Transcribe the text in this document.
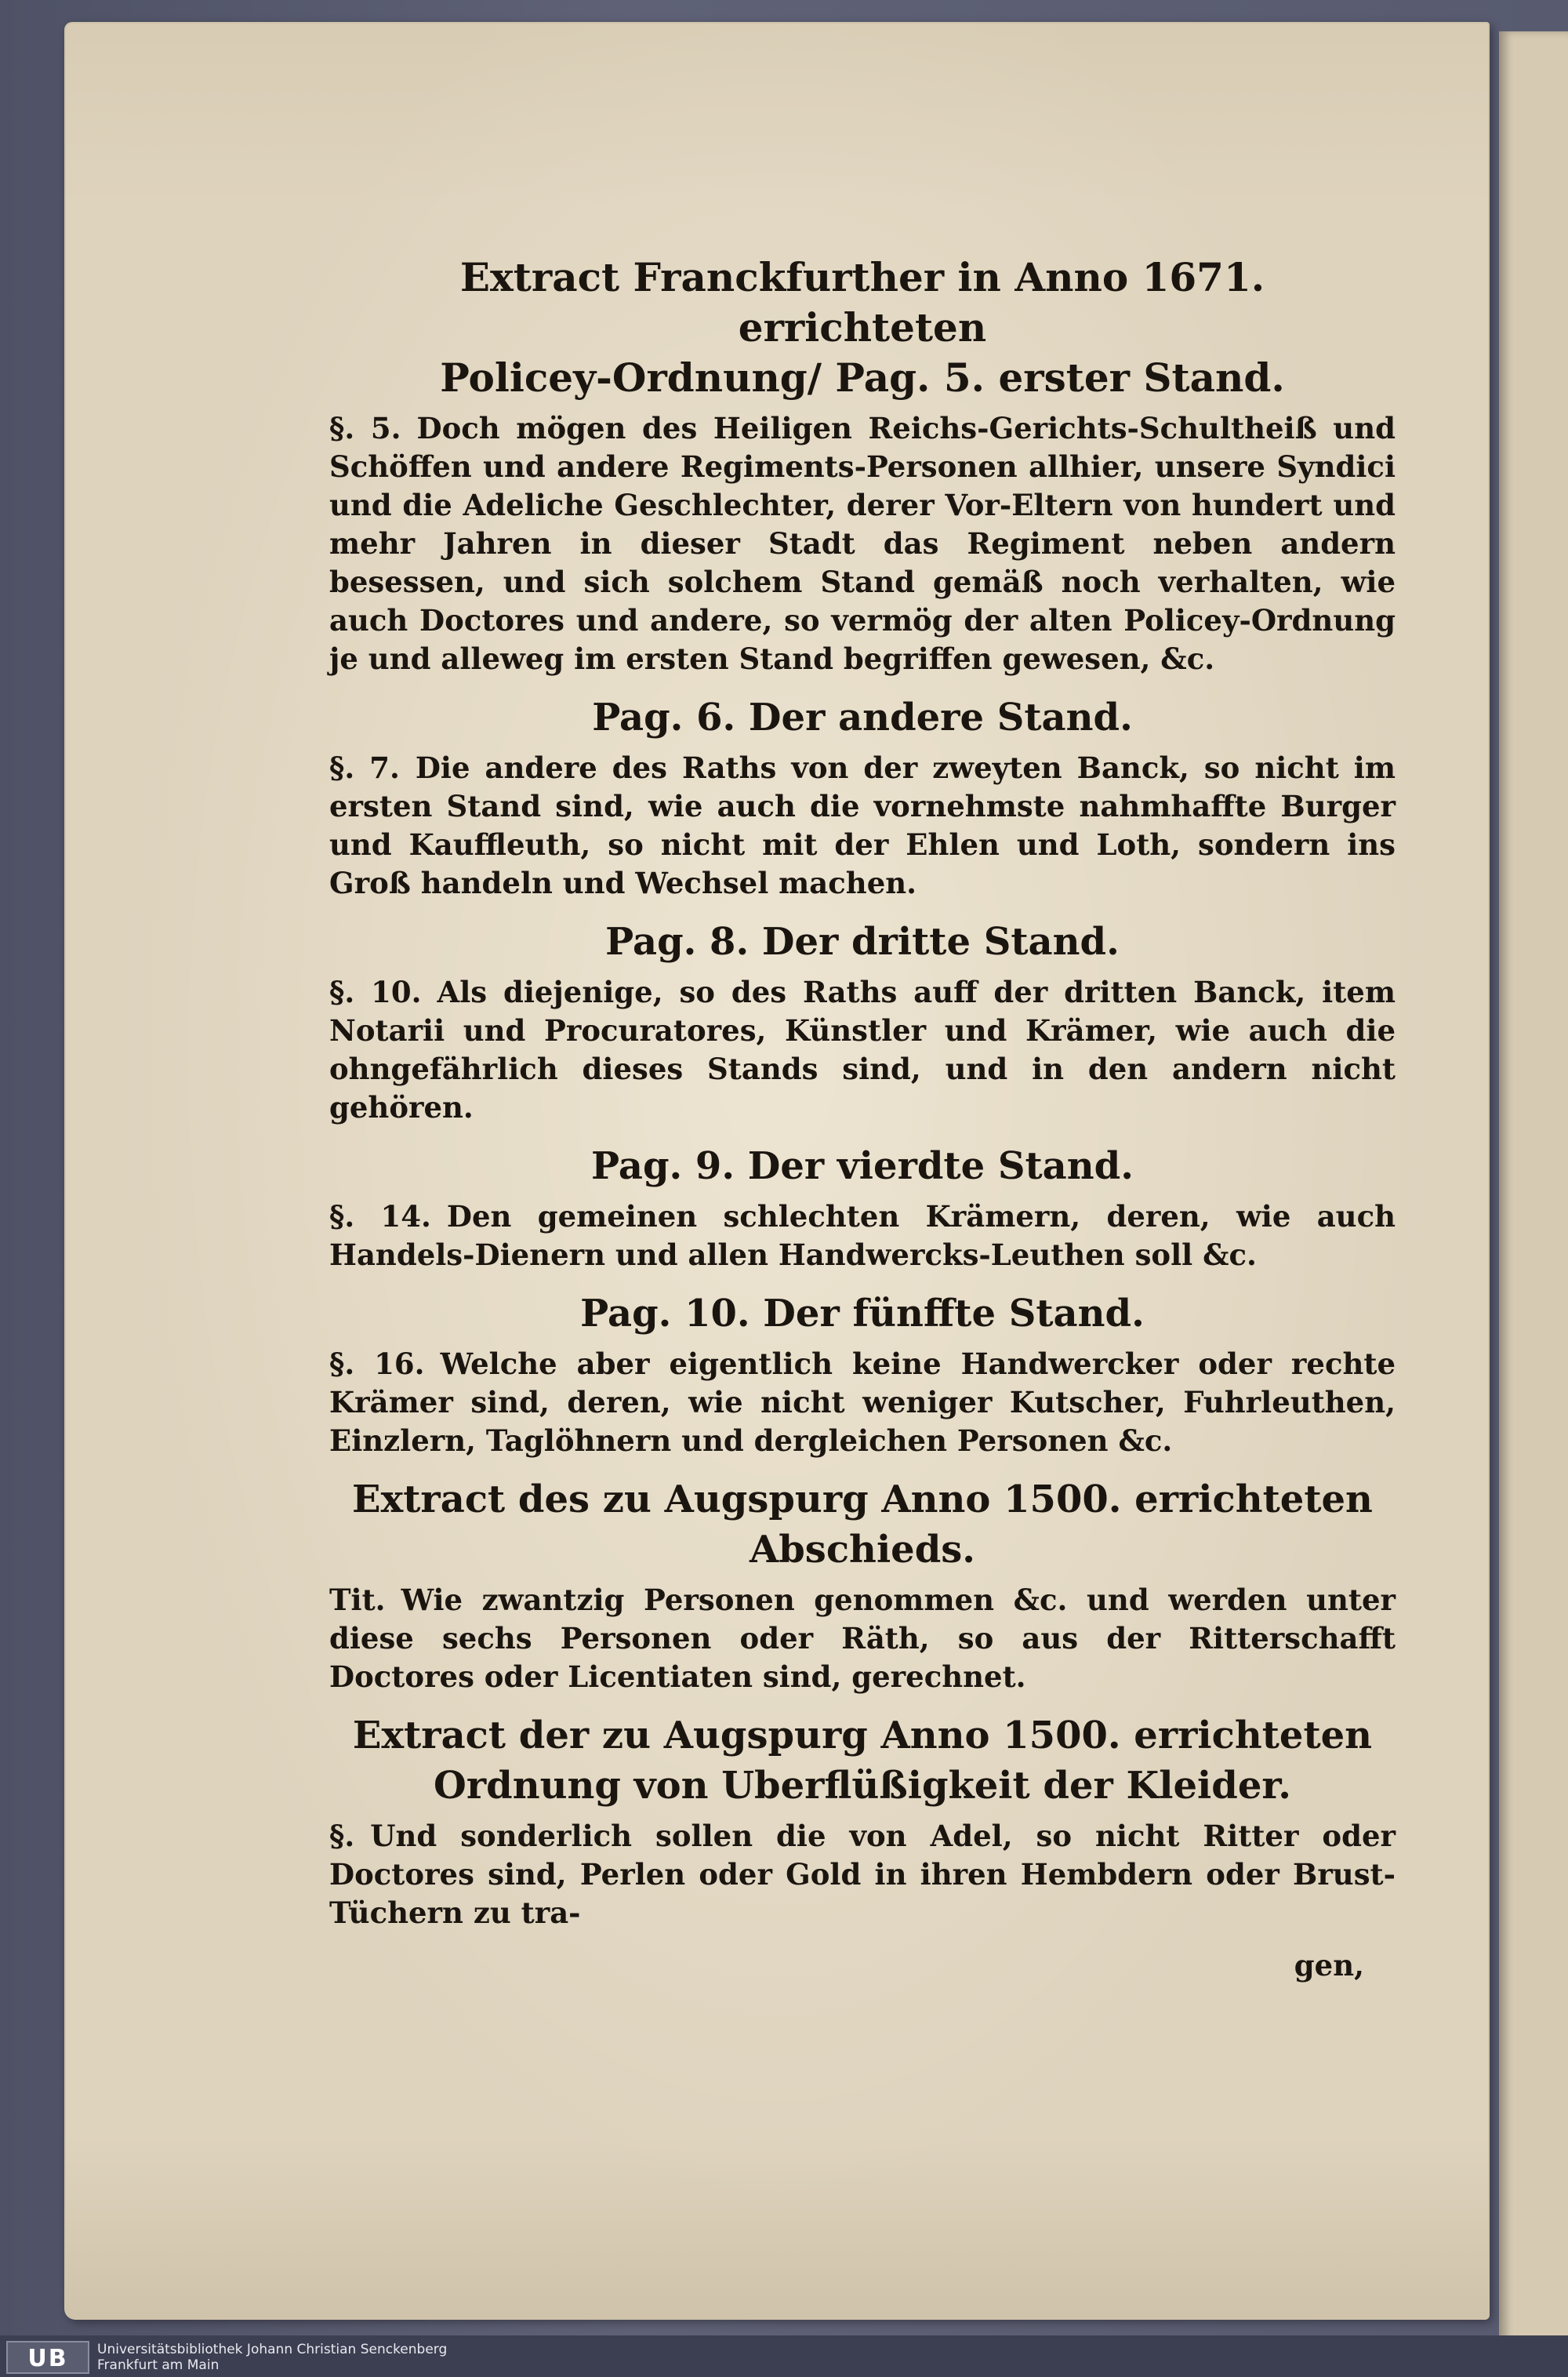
Extract Franckfurther in Anno 1671. errichteten

Policey-Ordnung/ Pag. 5. erster Stand.

§. 5. Doch mögen des Heiligen Reichs-Gerichts-Schultheiß und Schöffen und andere Regiments-Personen allhier, unsere Syndici und die Adeliche Geschlechter, derer Vor-Eltern von hundert und mehr Jahren in dieser Stadt das Regiment neben andern besessen, und sich solchem Stand gemäß noch verhalten, wie auch Doctores und andere, so vermög der alten Policey-Ordnung je und alleweg im ersten Stand begriffen gewesen, &c.

Pag. 6. Der andere Stand.

§. 7. Die andere des Raths von der zweyten Banck, so nicht im ersten Stand sind, wie auch die vornehmste nahmhaffte Burger und Kauffleuth, so nicht mit der Ehlen und Loth, sondern ins Groß handeln und Wechsel machen.

Pag. 8. Der dritte Stand.

§. 10. Als diejenige, so des Raths auff der dritten Banck, item Notarii und Procuratores, Künstler und Krämer, wie auch die ohngefährlich dieses Stands sind, und in den andern nicht gehören.

Pag. 9. Der vierdte Stand.

§. 14. Den gemeinen schlechten Krämern, deren, wie auch Handels-Dienern und allen Handwercks-Leuthen soll &c.

Pag. 10. Der fünffte Stand.

§. 16. Welche aber eigentlich keine Handwercker oder rechte Krämer sind, deren, wie nicht weniger Kutscher, Fuhrleuthen, Einzlern, Taglöhnern und dergleichen Personen &c.

Extract des zu Augspurg Anno 1500. errichteten

Abschieds.

Tit. Wie zwantzig Personen genommen &c. und werden unter diese sechs Personen oder Räth, so aus der Ritterschafft Doctores oder Licentiaten sind, gerechnet.

Extract der zu Augspurg Anno 1500. errichteten

Ordnung von Uberflüßigkeit der Kleider.

§. Und sonderlich sollen die von Adel, so nicht Ritter oder Doctores sind, Perlen oder Gold in ihren Hembdern oder Brust-Tüchern zu tra-

gen,

UB	Universitätsbibliothek Johann Christian Senckenberg
Frankfurt am Main
